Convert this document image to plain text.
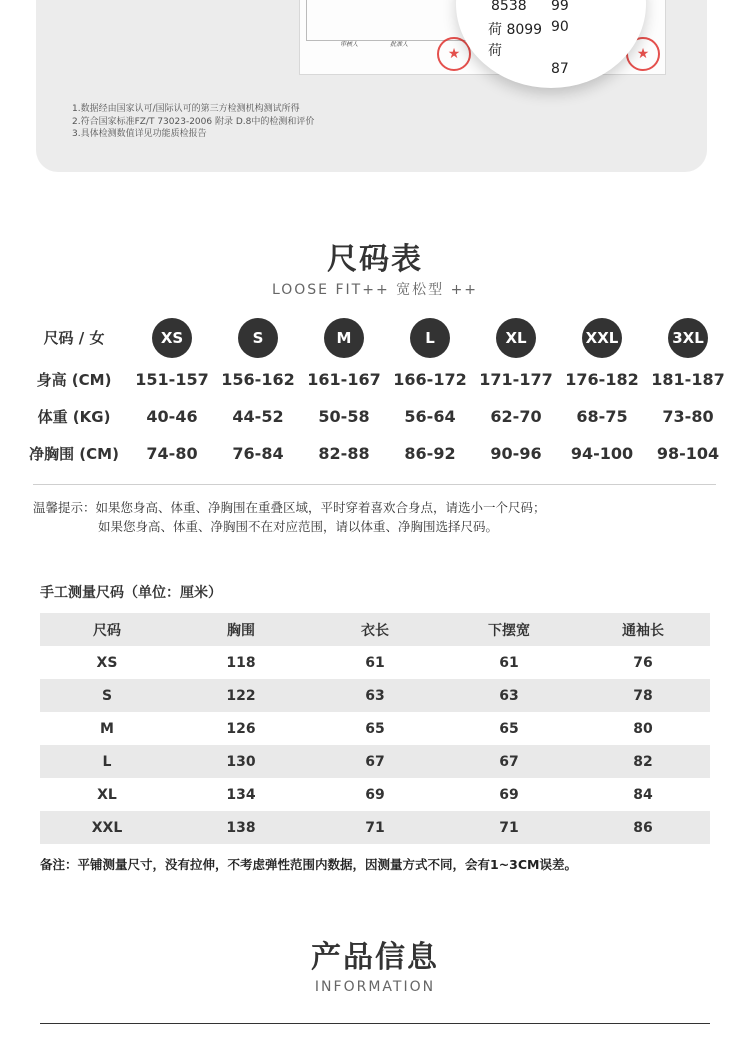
审核人	批准人
★	★
8538 99
荷 8099 90
荷
87
1.数据经由国家认可/国际认可的第三方检测机构测试所得
2.符合国家标准FZ/T 73023-2006 附录 D.8中的检测和评价
3.具体检测数值详见功能质检报告
尺码表
LOOSE FIT++ 宽松型 ++
尺码 / 女	XS	S	M	L	XL	XXL	3XL
身高 (CM)	151-157 156-162 161-167 166-172 171-177 176-182 181-187
体重 (KG)	40-46	44-52	50-58	56-64	62-70	68-75	73-80
净胸围 (CM)	74-80	76-84	82-88	86-92	90-96	94-100	98-104
温馨提示：如果您身高、体重、净胸围在重叠区域，平时穿着喜欢合身点，请选小一个尺码；
如果您身高、体重、净胸围不在对应范围，请以体重、净胸围选择尺码。
手工测量尺码（单位：厘米）
尺码	胸围	衣长	下摆宽	通袖长
XS	118	61	61	76
S	122	63	63	78
M	126	65	65	80
L	130	67	67	82
XL	134	69	69	84
XXL	138	71	71	86
备注：平铺测量尺寸，没有拉伸，不考虑弹性范围内数据，因测量方式不同，会有1~3CM误差。
产品信息
INFORMATION
